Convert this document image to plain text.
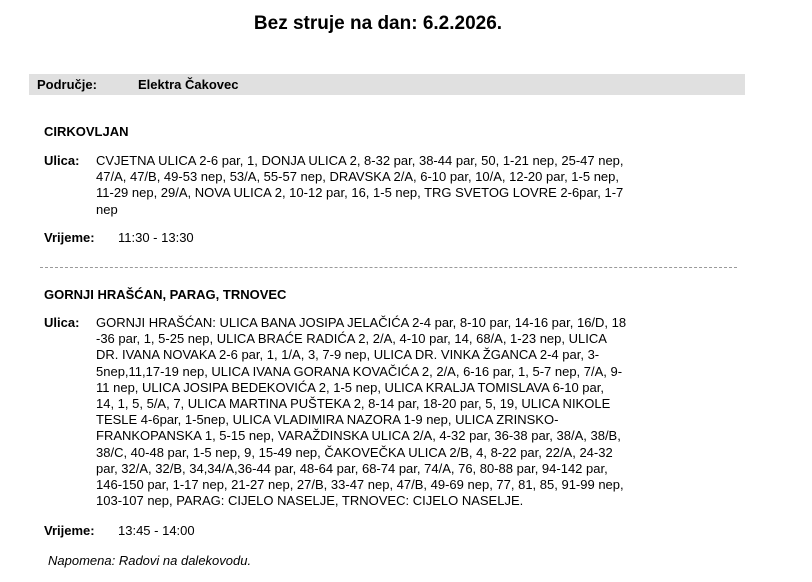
Bez struje na dan: 6.2.2026.
Područje:	Elektra Čakovec
CIRKOVLJAN
Ulica: CVJETNA ULICA 2-6 par, 1, DONJA ULICA 2, 8-32 par, 38-44 par, 50, 1-21 nep, 25-47 nep,
47/A, 47/B, 49-53 nep, 53/A, 55-57 nep, DRAVSKA 2/A, 6-10 par, 10/A, 12-20 par, 1-5 nep,
11-29 nep, 29/A, NOVA ULICA 2, 10-12 par, 16, 1-5 nep, TRG SVETOG LOVRE 2-6par, 1-7
nep
Vrijeme: 11:30 - 13:30
GORNJI HRAŠĆAN, PARAG, TRNOVEC
Ulica: GORNJI HRAŠĆAN: ULICA BANA JOSIPA JELAČIĆA 2-4 par, 8-10 par, 14-16 par, 16/D, 18
-36 par, 1, 5-25 nep, ULICA BRAĆE RADIĆA 2, 2/A, 4-10 par, 14, 68/A, 1-23 nep, ULICA
DR. IVANA NOVAKA 2-6 par, 1, 1/A, 3, 7-9 nep, ULICA DR. VINKA ŽGANCA 2-4 par, 3-
5nep,11,17-19 nep, ULICA IVANA GORANA KOVAČIĆA 2, 2/A, 6-16 par, 1, 5-7 nep, 7/A, 9-
11 nep, ULICA JOSIPA BEDEKOVIĆA 2, 1-5 nep, ULICA KRALJA TOMISLAVA 6-10 par,
14, 1, 5, 5/A, 7, ULICA MARTINA PUŠTEKA 2, 8-14 par, 18-20 par, 5, 19, ULICA NIKOLE
TESLE 4-6par, 1-5nep, ULICA VLADIMIRA NAZORA 1-9 nep, ULICA ZRINSKO-
FRANKOPANSKA 1, 5-15 nep, VARAŽDINSKA ULICA 2/A, 4-32 par, 36-38 par, 38/A, 38/B,
38/C, 40-48 par, 1-5 nep, 9, 15-49 nep, ČAKOVEČKA ULICA 2/B, 4, 8-22 par, 22/A, 24-32
par, 32/A, 32/B, 34,34/A,36-44 par, 48-64 par, 68-74 par, 74/A, 76, 80-88 par, 94-142 par,
146-150 par, 1-17 nep, 21-27 nep, 27/B, 33-47 nep, 47/B, 49-69 nep, 77, 81, 85, 91-99 nep,
103-107 nep, PARAG: CIJELO NASELJE, TRNOVEC: CIJELO NASELJE.
Vrijeme: 13:45 - 14:00
Napomena: Radovi na dalekovodu.
